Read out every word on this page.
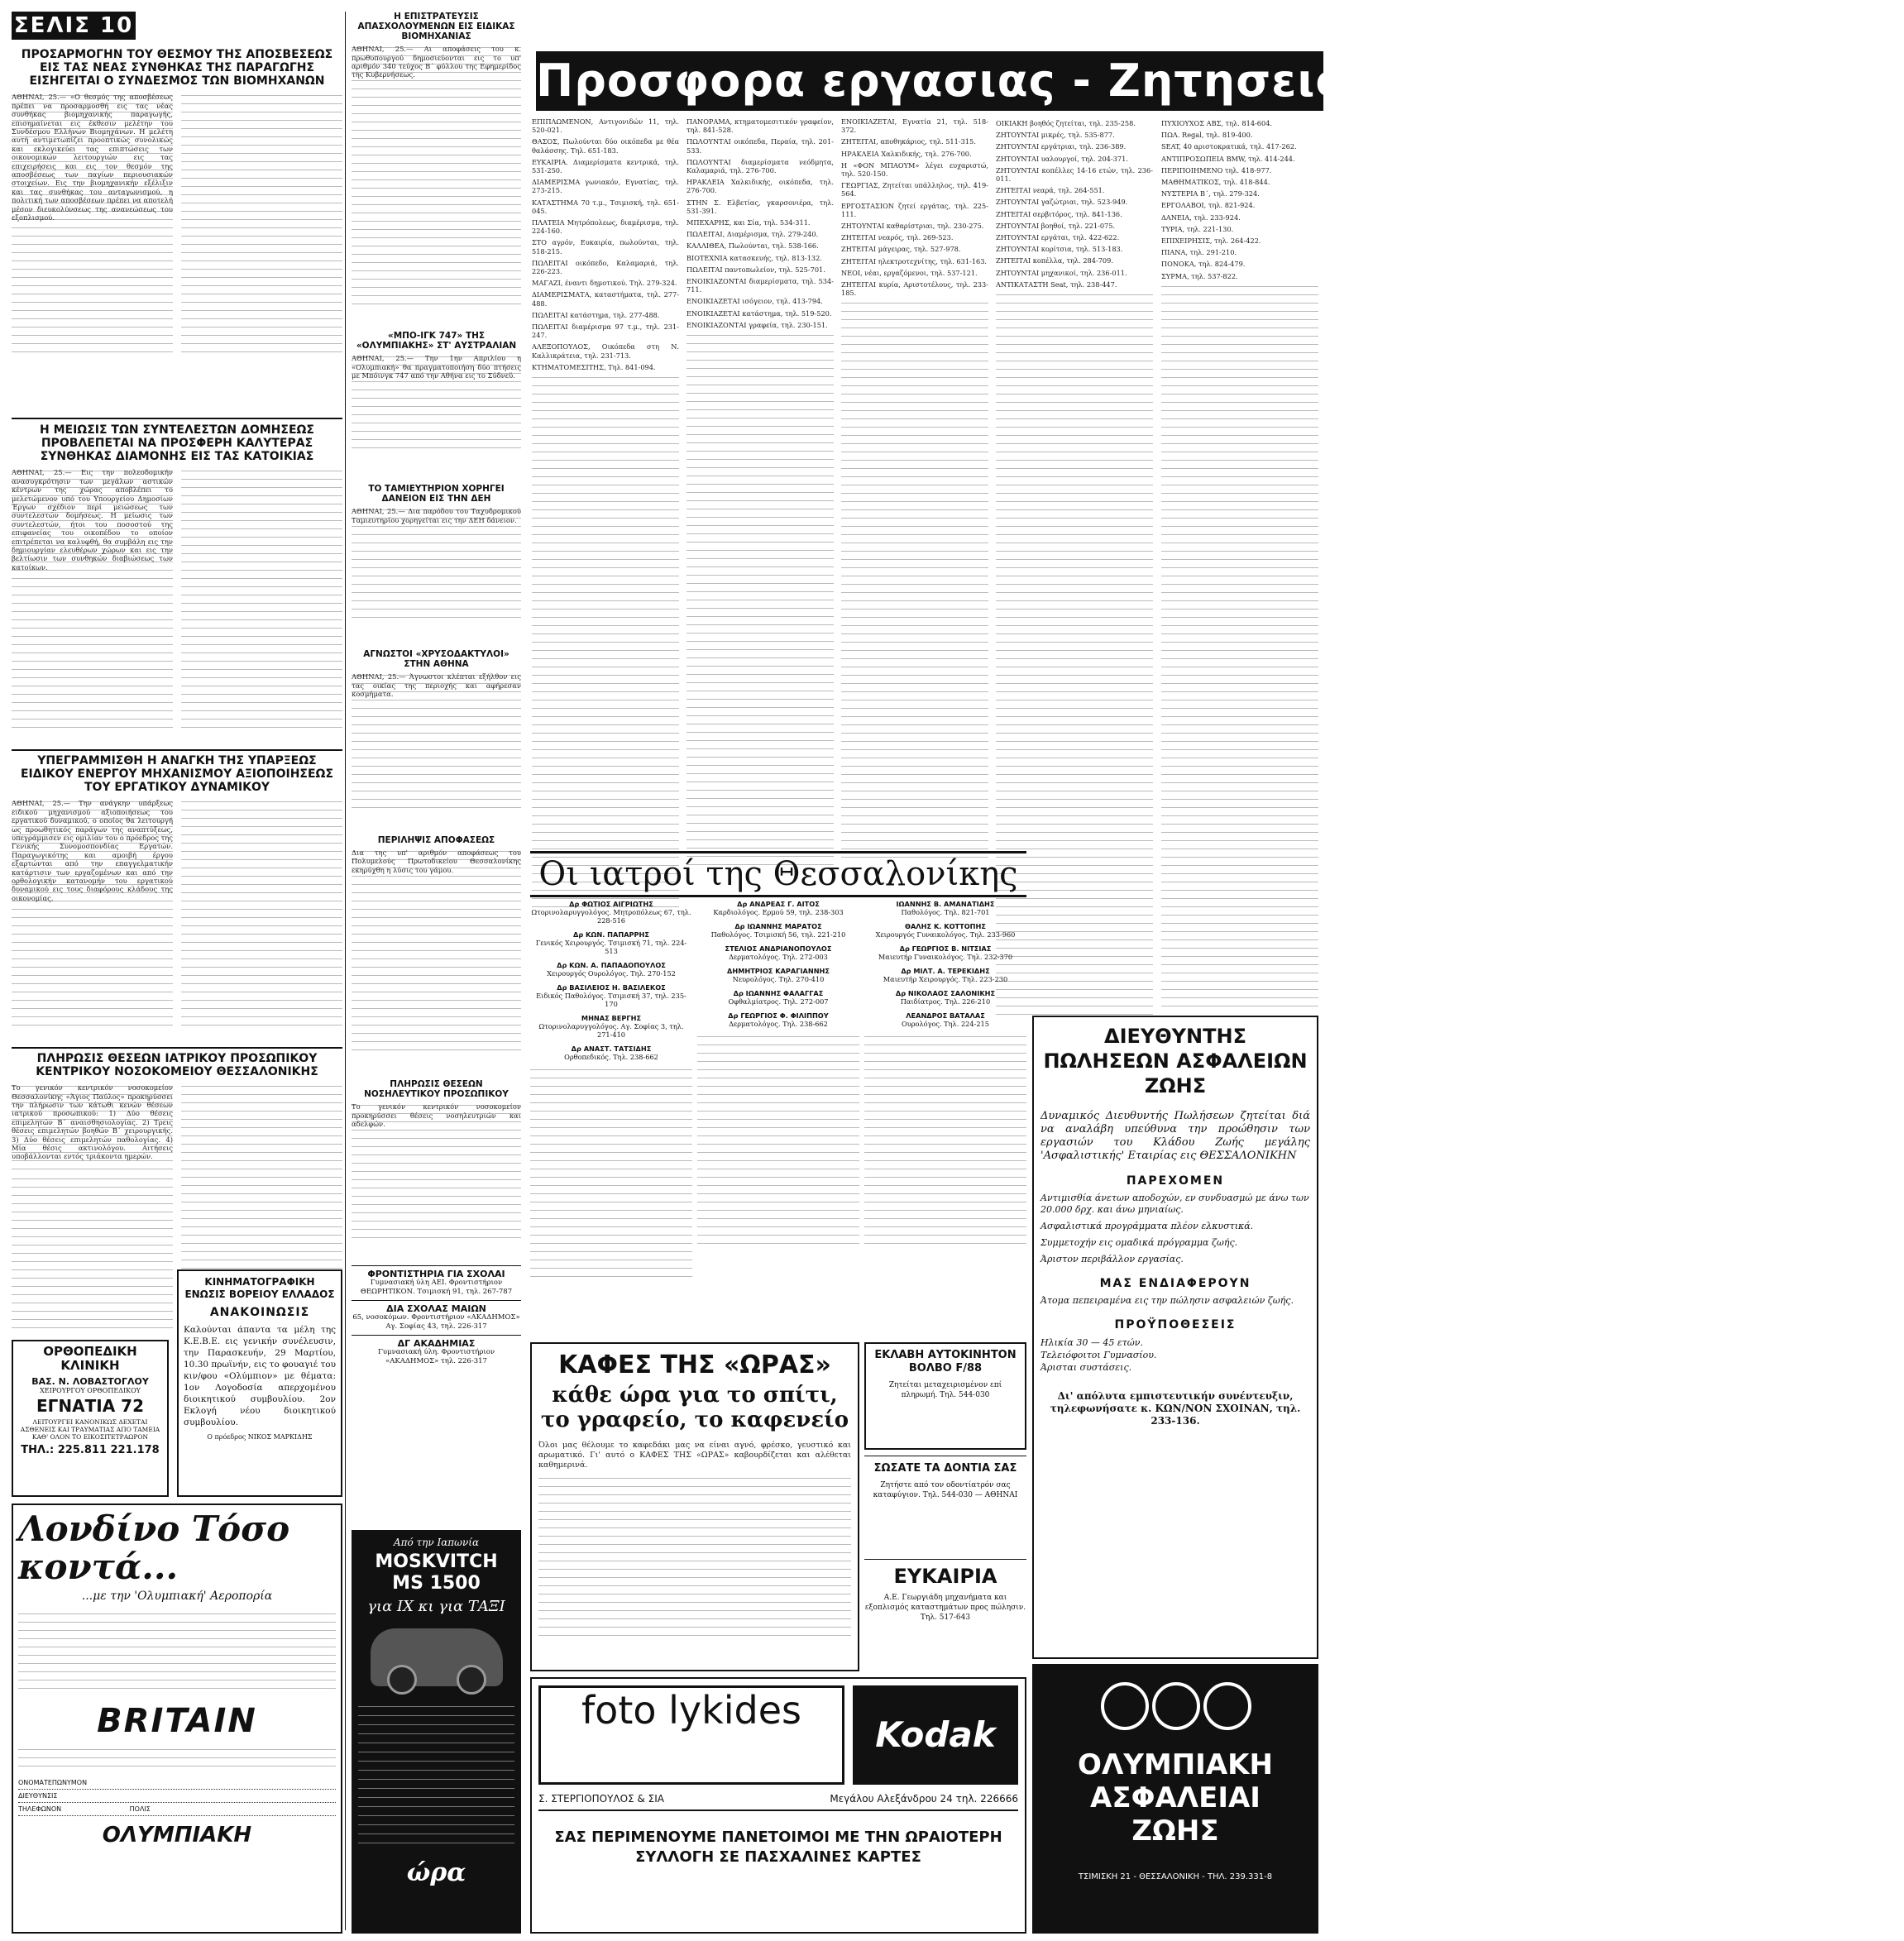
ΣΕΛΙΣ 10
ΠΡΟΣΑΡΜΟΓΗΝ ΤΟΥ ΘΕΣΜΟΥ ΤΗΣ ΑΠΟΣΒΕΣΕΩΣ ΕΙΣ ΤΑΣ ΝΕΑΣ ΣΥΝΘΗΚΑΣ ΤΗΣ ΠΑΡΑΓΩΓΗΣ ΕΙΣΗΓΕΙΤΑΙ Ο ΣΥΝΔΕΣΜΟΣ ΤΩΝ ΒΙΟΜΗΧΑΝΩΝ
ΑΘΗΝΑΙ, 25.— «Ο θεσμός της αποσβέσεως πρέπει να προσαρμοσθή εις τας νέας συνθήκας βιομηχανικής παραγωγής, επισημαίνεται εις έκθεσιν μελέτην του Συνδέσμου Ελλήνων Βιομηχάνων. Η μελέτη αυτή αντιμετωπίζει προοπτικώς συνολικώς και εκλογικεύει τας επιπτώσεις των οικονομικών λειτουργιών εις τας επιχειρήσεις και εις τον θεσμόν της αποσβέσεως των παγίων περιουσιακών στοιχείων. Εις την βιομηχανικήν εξέλιξιν και τας συνθήκας του ανταγωνισμού, η πολιτική των αποσβέσεων πρέπει να αποτελή μέσον διευκολύνσεως της ανανεώσεως του εξοπλισμού.
Η ΜΕΙΩΣΙΣ ΤΩΝ ΣΥΝΤΕΛΕΣΤΩΝ ΔΟΜΗΣΕΩΣ ΠΡΟΒΛΕΠΕΤΑΙ ΝΑ ΠΡΟΣΦΕΡΗ ΚΑΛΥΤΕΡΑΣ ΣΥΝΘΗΚΑΣ ΔΙΑΜΟΝΗΣ ΕΙΣ ΤΑΣ ΚΑΤΟΙΚΙΑΣ
ΑΘΗΝΑΙ, 25.— Εις την πολεοδομικήν ανασυγκρότησιν των μεγάλων αστικών κέντρων της χώρας αποβλέπει το μελετώμενον υπό του Υπουργείου Δημοσίων Έργων σχέδιον περί μειώσεως των συντελεστών δομήσεως. Η μείωσις των συντελεστών, ήτοι του ποσοστού της επιφανείας του οικοπέδου το οποίον επιτρέπεται να καλυφθή, θα συμβάλη εις την δημιουργίαν ελευθέρων χώρων και εις την βελτίωσιν των συνθηκών διαβιώσεως των κατοίκων.
ΥΠΕΓΡΑΜΜΙΣΘΗ Η ΑΝΑΓΚΗ ΤΗΣ ΥΠΑΡΞΕΩΣ ΕΙΔΙΚΟΥ ΕΝΕΡΓΟΥ ΜΗΧΑΝΙΣΜΟΥ ΑΞΙΟΠΟΙΗΣΕΩΣ ΤΟΥ ΕΡΓΑΤΙΚΟΥ ΔΥΝΑΜΙΚΟΥ
ΑΘΗΝΑΙ, 25.— Την ανάγκην υπάρξεως ειδικού μηχανισμού αξιοποιήσεως του εργατικού δυναμικού, ο οποίος θα λειτουργή ως προωθητικός παράγων της αναπτύξεως, υπεγράμμισεν εις ομιλίαν του ο πρόεδρος της Γενικής Συνομοσπονδίας Εργατών. Παραγωγικότης και αμοιβή έργου εξαρτώνται από την επαγγελματικήν κατάρτισιν των εργαζομένων και από την ορθολογικήν κατανομήν του εργατικού δυναμικού εις τους διαφόρους κλάδους της οικονομίας.
ΠΛΗΡΩΣΙΣ ΘΕΣΕΩΝ ΙΑΤΡΙΚΟΥ ΠΡΟΣΩΠΙΚΟΥ ΚΕΝΤΡΙΚΟΥ ΝΟΣΟΚΟΜΕΙΟΥ ΘΕΣΣΑΛΟΝΙΚΗΣ
Το γενικόν κεντρικόν νοσοκομείον Θεσσαλονίκης «Άγιος Παύλος» προκηρύσσει την πλήρωσιν των κάτωθι κενών θέσεων ιατρικού προσωπικού: 1) Δύο θέσεις επιμελητών Β΄ αναισθησιολογίας. 2) Τρεις θέσεις επιμελητών βοηθών Β΄ χειρουργικής. 3) Δύο θέσεις επιμελητών παθολογίας. 4) Μία θέσις ακτινολόγου. Αιτήσεις υποβάλλονται εντός τριάκοντα ημερών.
ΟΡΘΟΠΕΔΙΚΗ ΚΛΙΝΙΚΗ
ΒΑΣ. Ν. ΛΟΒΑΣΤΟΓΛΟΥ
ΧΕΙΡΟΥΡΓΟΥ ΟΡΘΟΠΕΔΙΚΟΥ
ΕΓΝΑΤΙΑ 72
ΛΕΙΤΟΥΡΓΕΙ ΚΑΝΟΝΙΚΩΣ ΔΕΧΕΤΑΙ ΑΣΘΕΝΕΙΣ ΚΑΙ ΤΡΑΥΜΑΤΙΑΣ ΑΠΟ ΤΑΜΕΙΑ ΚΑΘ' ΟΛΟΝ ΤΟ ΕΙΚΟΣΙΤΕΤΡΑΩΡΟΝ
ΤΗΛ.: 225.811 221.178
ΚΙΝΗΜΑΤΟΓΡΑΦΙΚΗ ΕΝΩΣΙΣ ΒΟΡΕΙΟΥ ΕΛΛΑΔΟΣ
ΑΝΑΚΟΙΝΩΣΙΣ
Καλούνται άπαντα τα μέλη της Κ.Ε.Β.Ε. εις γενικήν συνέλευσιν, την Παρασκευήν, 29 Μαρτίου, 10.30 πρωϊνήν, εις το φουαγιέ του κιν/φου «Ολύμπιον» με θέματα: 1ον Λογοδοσία απερχομένου διοικητικού συμβουλίου. 2ον Εκλογή νέου διοικητικού συμβουλίου.
Ο πρόεδρος ΝΙΚΟΣ ΜΑΡΚΙΔΗΣ
Λονδίνο Τόσο κοντά...
...με την 'Ολυμπιακή' Αεροπορία
BRITAIN
ΟΝΟΜΑΤΕΠΩΝΥΜΟΝ
ΔΙΕΥΘΥΝΣΙΣ
ΤΗΛΕΦΩΝΟΝ	ΠΟΛΙΣ
ΟΛΥΜΠΙΑΚΗ
Η ΕΠΙΣΤΡΑΤΕΥΣΙΣ ΑΠΑΣΧΟΛΟΥΜΕΝΩΝ ΕΙΣ ΕΙΔΙΚΑΣ ΒΙΟΜΗΧΑΝΙΑΣ
ΑΘΗΝΑΙ, 25.— Αι αποφάσεις του κ. πρωθυπουργού δημοσιεύονται εις το υπ' αριθμόν 340 τεύχος Β΄ φύλλου της Εφημερίδος της Κυβερνήσεως.
«ΜΠΟ-ΙΓΚ 747» ΤΗΣ «ΟΛΥΜΠΙΑΚΗΣ» ΣΤ' ΑΥΣΤΡΑΛΙΑΝ
ΑΘΗΝΑΙ, 25.— Την 1ην Απριλίου η «Ολυμπιακή» θα πραγματοποιήση δύο πτήσεις με Μπόινγκ 747 από την Αθήνα εις το Σύδνεϋ.
ΤΟ ΤΑΜΙΕΥΤΗΡΙΟΝ ΧΟΡΗΓΕΙ ΔΑΝΕΙΟΝ ΕΙΣ ΤΗΝ ΔΕΗ
ΑΘΗΝΑΙ, 25.— Δια παρόδου του Ταχυδρομικού Ταμιευτηρίου χορηγείται εις την ΔΕΗ δάνειον.
ΑΓΝΩΣΤΟΙ «ΧΡΥΣΟΔΑΚΤΥΛΟΙ» ΣΤΗΝ ΑΘΗΝΑ
ΑΘΗΝΑΙ, 25.— Άγνωστοι κλέπται εξήλθον εις τας οικίας της περιοχής και αφήρεσαν κοσμήματα.
ΠΕΡΙΛΗΨΙΣ ΑΠΟΦΑΣΕΩΣ
Δια της υπ' αριθμόν αποφάσεως του Πολυμελούς Πρωτοδικείου Θεσσαλονίκης εκηρύχθη η λύσις του γάμου.
ΠΛΗΡΩΣΙΣ ΘΕΣΕΩΝ ΝΟΣΗΛΕΥΤΙΚΟΥ ΠΡΟΣΩΠΙΚΟΥ
Το γενικόν κεντρικόν νοσοκομείον προκηρύσσει θέσεις νοσηλευτριών και αδελφών.
ΦΡΟΝΤΙΣΤΗΡΙΑ ΓΙΑ ΣΧΟΛΑΙ
Γυμνασιακή ύλη ΑΕΙ. Φροντιστήριον ΘΕΩΡΗΤΙΚΟΝ. Τσιμισκή 91, τηλ. 267-787
ΔΙΑ ΣΧΟΛΑΣ ΜΑΙΩΝ
65, νοσοκόμων. Φροντιστήριον «ΑΚΑΔΗΜΟΣ» Αγ. Σοφίας 43, τηλ. 226-317
ΔΓ ΑΚΑΔΗΜΙΑΣ
Γυμνασιακή ύλη. Φροντιστήριον «ΑΚΑΔΗΜΟΣ» τηλ. 226-317
Από την Ιαπωνία
MOSKVITCH MS 1500
για ΙΧ κι για ΤΑΞΙ
ώρα
Προσφορα εργασιας - Ζητησεις - Πωλησεις - Ακινητα

ΕΠΙΠΛΩΜΕΝΟΝ, Αντιγονιδών 11, τηλ. 520-021.

ΘΑΣΟΣ, Πωλούνται δύο οικόπεδα με θέα θαλάσσης. Τηλ. 651-183.

ΕΥΚΑΙΡΙΑ. Διαμερίσματα κεντρικά, τηλ. 531-250.

ΔΙΑΜΕΡΙΣΜΑ γωνιακόν, Εγνατίας, τηλ. 273-215.

ΚΑΤΑΣΤΗΜΑ 70 τ.μ., Τσιμισκή, τηλ. 651-045.

ΠΛΑΤΕΙΑ Μητρόπολεως, διαμέρισμα, τηλ. 224-160.

ΣΤΟ αγρόν, Ευκαιρία, πωλούνται, τηλ. 518-215.

ΠΩΛΕΙΤΑΙ οικόπεδο, Καλαμαριά, τηλ. 226-223.

ΜΑΓΑΖΙ, έναντι δημοτικού. Τηλ. 279-324.

ΔΙΑΜΕΡΙΣΜΑΤΑ, καταστήματα, τηλ. 277-488.

ΠΩΛΕΙΤΑΙ κατάστημα, τηλ. 277-488.

ΠΩΛΕΙΤΑΙ διαμέρισμα 97 τ.μ., τηλ. 231-247.

ΑΛΕΞΟΠΟΥΛΟΣ, Οικόπεδα στη Ν. Καλλικράτεια, τηλ. 231-713.

ΚΤΗΜΑΤΟΜΕΣΙΤΗΣ, Τηλ. 841-094.

ΠΑΝΟΡΑΜΑ, κτηματομεσιτικόν γραφείον, τηλ. 841-528.

ΠΩΛΟΥΝΤΑΙ οικόπεδα, Περαία, τηλ. 201-533.

ΠΩΛΟΥΝΤΑΙ διαμερίσματα νεόδμητα, Καλαμαριά, τηλ. 276-700.

ΗΡΑΚΛΕΙΑ Χαλκιδικής, οικόπεδα, τηλ. 276-700.

ΣΤΗΝ Σ. Ελβετίας, γκαρσονιέρα, τηλ. 531-391.

ΜΠΕΧΑΡΗΣ, και Σία, τηλ. 534-311.

ΠΩΛΕΙΤΑΙ, Διαμέρισμα, τηλ. 279-240.

ΚΑΛΛΙΘΕΑ, Πωλούνται, τηλ. 538-166.

ΒΙΟΤΕΧΝΙΑ κατασκευής, τηλ. 813-132.

ΠΩΛΕΙΤΑΙ παντοπωλείον, τηλ. 525-701.

ΕΝΟΙΚΙΑΖΟΝΤΑΙ διαμερίσματα, τηλ. 534-711.

ΕΝΟΙΚΙΑΖΕΤΑΙ ισόγειον, τηλ. 413-794.

ΕΝΟΙΚΙΑΖΕΤΑΙ κατάστημα, τηλ. 519-520.

ΕΝΟΙΚΙΑΖΟΝΤΑΙ γραφεία, τηλ. 230-151.

ΕΝΟΙΚΙΑΖΕΤΑΙ, Εγνατία 21, τηλ. 518-372.

ΖΗΤΕΙΤΑΙ, αποθηκάριος, τηλ. 511-315.

ΗΡΑΚΛΕΙΑ Χαλκιδικής, τηλ. 276-700.

Η «ΦΟΝ ΜΠΑΟΥΜ» λέγει ευχαριστώ, τηλ. 520-150.

ΓΕΩΡΓΙΑΣ, Ζητείται υπάλληλος, τηλ. 419-564.

ΕΡΓΟΣΤΑΣΙΟΝ ζητεί εργάτας, τηλ. 225-111.

ΖΗΤΟΥΝΤΑΙ καθαρίστριαι, τηλ. 230-275.

ΖΗΤΕΙΤΑΙ νεαρός, τηλ. 269-523.

ΖΗΤΕΙΤΑΙ μάγειρας, τηλ. 527-978.

ΖΗΤΕΙΤΑΙ ηλεκτροτεχνίτης, τηλ. 631-163.

ΝΕΟΙ, νέαι, εργαζόμενοι, τηλ. 537-121.

ΖΗΤΕΙΤΑΙ κυρία, Αριστοτέλους, τηλ. 233-185.

ΟΙΚΙΑΚΗ βοηθός ζητείται, τηλ. 235-258.

ΖΗΤΟΥΝΤΑΙ μικρές, τηλ. 535-877.

ΖΗΤΟΥΝΤΑΙ εργάτριαι, τηλ. 236-389.

ΖΗΤΟΥΝΤΑΙ υαλουργοί, τηλ. 204-371.

ΖΗΤΟΥΝΤΑΙ κοπέλλες 14-16 ετών, τηλ. 236-011.

ΖΗΤΕΙΤΑΙ νεαρά, τηλ. 264-551.

ΖΗΤΟΥΝΤΑΙ γαζώτριαι, τηλ. 523-949.

ΖΗΤΕΙΤΑΙ σερβιτόρος, τηλ. 841-136.

ΖΗΤΟΥΝΤΑΙ βοηθοί, τηλ. 221-075.

ΖΗΤΟΥΝΤΑΙ εργάται, τηλ. 422-622.

ΖΗΤΟΥΝΤΑΙ κορίτσια, τηλ. 513-183.

ΖΗΤΕΙΤΑΙ κοπέλλα, τηλ. 284-709.

ΖΗΤΟΥΝΤΑΙ μηχανικοί, τηλ. 236-011.

ΑΝΤΙΚΑΤΑΣΤΗ Seat, τηλ. 238-447.

ΠΥΧΙΟΥΧΟΣ ΑΒΣ, τηλ. 814-604.

ΠΩΛ. Regal, τηλ. 819-400.

SEAT, 40 αριστοκρατικά, τηλ. 417-262.

ΑΝΤΙΠΡΟΣΩΠΕΙΑ BMW, τηλ. 414-244.

ΠΕΡΙΠΟΙΗΜΕΝΟ τηλ. 418-977.

ΜΑΘΗΜΑΤΙΚΟΣ, τηλ. 418-844.

ΝΥΣΤΕΡΙΑ Β΄, τηλ. 279-324.

ΕΡΓΟΛΑΒΟΙ, τηλ. 821-924.

ΔΑΝΕΙΑ, τηλ. 233-924.

ΤΥΡΙΑ, τηλ. 221-130.

ΕΠΙΧΕΙΡΗΣΙΣ, τηλ. 264-422.

ΠΙΑΝΑ, τηλ. 291-210.

ΠΟΝΟΚΑ, τηλ. 824-479.

ΣΥΡΜΑ, τηλ. 537-822.

Οι ιατροί της Θεσσαλονίκης
Δρ ΦΩΤΙΟΣ ΑΙΓΡΙΩΤΗΣ
Ωτορινολαρυγγολόγος. Μητροπόλεως 67, τηλ. 228-516
Δρ ΚΩΝ. ΠΑΠΑΡΡΗΣ
Γενικός Χειρουργός. Τσιμισκή 71, τηλ. 224-513
Δρ ΚΩΝ. Α. ΠΑΠΑΔΟΠΟΥΛΟΣ
Χειρουργός Ουρολόγος. Τηλ. 270-152
Δρ ΒΑΣΙΛΕΙΟΣ Η. ΒΑΣΙΛΕΚΟΣ
Ειδικός Παθολόγος. Τσιμισκή 37, τηλ. 235-170
ΜΗΝΑΣ ΒΕΡΓΗΣ
Ωτορινολαρυγγολόγος. Αγ. Σοφίας 3, τηλ. 271-410
Δρ ΑΝΑΣΤ. ΤΑΤΣΙΔΗΣ
Ορθοπεδικός. Τηλ. 238-662
Δρ ΑΝΔΡΕΑΣ Γ. ΑΙΤΟΣ
Καρδιολόγος. Ερμού 59, τηλ. 238-303
Δρ ΙΩΑΝΝΗΣ ΜΑΡΑΤΟΣ
Παθολόγος. Τσιμισκή 56, τηλ. 221-210
ΣΤΕΛΙΟΣ ΑΝΔΡΙΑΝΟΠΟΥΛΟΣ
Δερματολόγος. Τηλ. 272-003
ΔΗΜΗΤΡΙΟΣ ΚΑΡΑΓΙΑΝΝΗΣ
Νευρολόγος. Τηλ. 270-410
Δρ ΙΩΑΝΝΗΣ ΦΑΛΑΓΓΑΣ
Οφθαλμίατρος. Τηλ. 272-007
Δρ ΓΕΩΡΓΙΟΣ Φ. ΦΙΛΙΠΠΟΥ
Δερματολόγος. Τηλ. 238-662
ΙΩΑΝΝΗΣ Β. ΑΜΑΝΑΤΙΔΗΣ
Παθολόγος. Τηλ. 821-701
ΘΑΛΗΣ Κ. ΚΟΤΤΟΠΗΣ
Χειρουργός Γυναικολόγος. Τηλ. 233-960
Δρ ΓΕΩΡΓΙΟΣ Β. ΝΙΤΣΙΑΣ
Μαιευτήρ Γυναικολόγος. Τηλ. 232-370
Δρ ΜΙΛΤ. Α. ΤΕΡΕΚΙΔΗΣ
Μαιευτήρ Χειρουργός. Τηλ. 223-230
Δρ ΝΙΚΟΛΑΟΣ ΣΑΛΟΝΙΚΗΣ
Παιδίατρος. Τηλ. 226-210
ΛΕΑΝΔΡΟΣ ΒΑΤΑΛΑΣ
Ουρολόγος. Τηλ. 224-215
ΚΑΦΕΣ ΤΗΣ «ΩΡΑΣ»
κάθε ώρα για το σπίτι, το γραφείο, το καφενείο
Όλοι μας θέλουμε το καφεδάκι μας να είναι αγνό, φρέσκο, γευστικό και αρωματικό. Γι' αυτό ο ΚΑΦΕΣ ΤΗΣ «ΩΡΑΣ» καβουρδίζεται και αλέθεται καθημερινά.
ΕΚΛΑΒΗ ΑΥΤΟΚΙΝΗΤΟΝ ΒΟΛΒΟ F/88
Ζητείται μεταχειρισμένον επί πληρωμή. Τηλ. 544-030
ΣΩΣΑΤΕ ΤΑ ΔΟΝΤΙΑ ΣΑΣ
Ζητήστε από τον οδοντίατρόν σας καταφύγιον. Τηλ. 544-030 — ΑΘΗΝΑΙ
ΕΥΚΑΙΡΙΑ
Α.Ε. Γεωργιάδη μηχανήματα και εξοπλισμός καταστημάτων προς πώλησιν. Τηλ. 517-643
ΔΙΕΥΘΥΝΤΗΣ ΠΩΛΗΣΕΩΝ ΑΣΦΑΛΕΙΩΝ ΖΩΗΣ
Δυναμικός Διευθυντής Πωλήσεων ζητείται διά να αναλάβη υπεύθυνα την προώθησιν των εργασιών του Κλάδου Ζωής μεγάλης 'Ασφαλιστικής' Εταιρίας εις ΘΕΣΣΑΛΟΝΙΚΗΝ
ΠΑΡΕΧΟΜΕΝ
Αντιμισθία άνετων αποδοχών, εν συνδυασμώ με άνω των 20.000 δρχ. και άνω μηνιαίως.
Ασφαλιστικά προγράμματα πλέον ελκυστικά.
Συμμετοχήν εις ομαδικά πρόγραμμα ζωής.
Άριστον περιβάλλον εργασίας.
ΜΑΣ ΕΝΔΙΑΦΕΡΟΥΝ
Άτομα πεπειραμένα εις την πώλησιν ασφαλειών ζωής.
ΠΡΟΫΠΟΘΕΣΕΙΣ
Ηλικία 30 — 45 ετών.
Τελειόφοιτοι Γυμνασίου.
Άρισται συστάσεις.
Δι' απόλυτα εμπιστευτικήν συνέντευξιν, τηλεφωνήσατε κ. ΚΩΝ/ΝΟΝ ΣΧΟΙΝΑΝ, τηλ. 233-136.
ΟΛΥΜΠΙΑΚΗ ΑΣΦΑΛΕΙΑΙ ΖΩΗΣ
ΤΣΙΜΙΣΚΗ 21 - ΘΕΣΣΑΛΟΝΙΚΗ - ΤΗΛ. 239.331-8
foto lykides
Kodak
Σ. ΣΤΕΡΓΙΟΠΟΥΛΟΣ & ΣΙΑ	Μεγάλου Αλεξάνδρου 24 τηλ. 226666
ΣΑΣ ΠΕΡΙΜΕΝΟΥΜΕ ΠΑΝΕΤΟΙΜΟΙ ΜΕ ΤΗΝ ΩΡΑΙΟΤΕΡΗ ΣΥΛΛΟΓΗ ΣΕ ΠΑΣΧΑΛΙΝΕΣ ΚΑΡΤΕΣ
